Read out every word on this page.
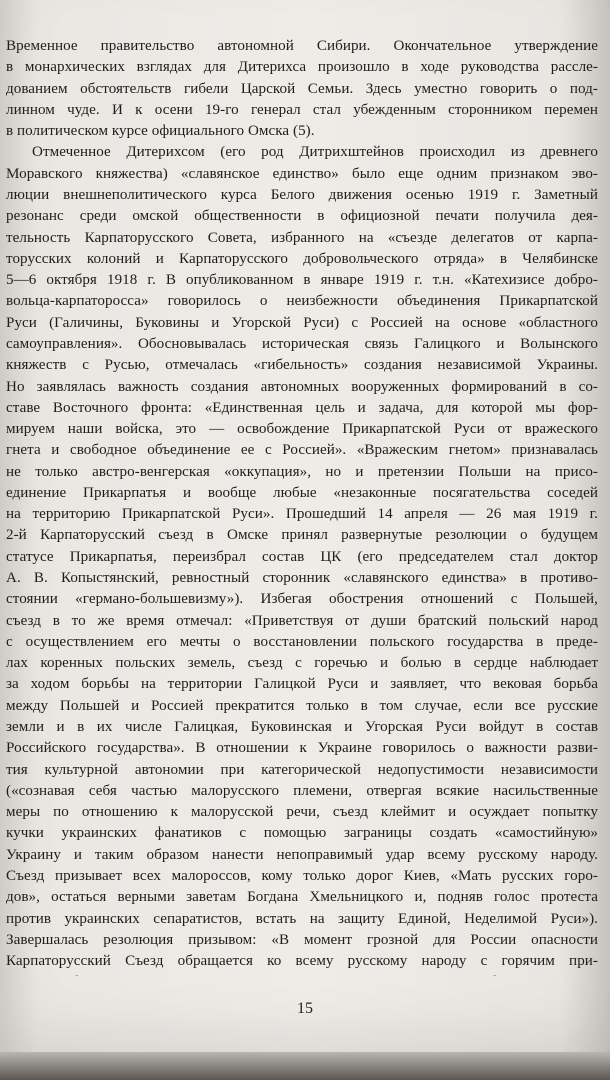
Временное правительство автономной Сибири. Окончательное утверждение
в монархических взглядах для Дитерихса произошло в ходе руководства рассле-
дованием обстоятельств гибели Царской Семьи. Здесь уместно говорить о под-
линном чуде. И к осени 19-го генерал стал убежденным сторонником перемен
в политическом курсе официального Омска (5).
Отмеченное Дитерихсом (его род Дитрихштейнов происходил из древнего
Моравского княжества) «славянское единство» было еще одним признаком эво-
люции внешнеполитического курса Белого движения осенью 1919 г. Заметный
резонанс среди омской общественности в официозной печати получила дея-
тельность Карпаторусского Совета, избранного на «съезде делегатов от карпа-
торусских колоний и Карпаторусского добровольческого отряда» в Челябинске
5—6 октября 1918 г. В опубликованном в январе 1919 г. т.н. «Катехизисе добро-
вольца-карпатоpосса» говорилось о неизбежности объединения Прикарпатской
Руси (Галичины, Буковины и Угорской Руси) с Россией на основе «областного
самоуправления». Обосновывалась историческая связь Галицкого и Волынского
княжеств с Русью, отмечалась «гибельность» создания независимой Украины.
Но заявлялась важность создания автономных вооруженных формирований в со-
ставе Восточного фронта: «Единственная цель и задача, для которой мы фор-
мируем наши войска, это — освобождение Прикарпатской Руси от вражеского
гнета и свободное объединение ее с Россией». «Вражеским гнетом» признавалась
не только австро-венгерская «оккупация», но и претензии Польши на присо-
единение Прикарпатья и вообще любые «незаконные посягательства соседей
на территорию Прикарпатской Руси». Прошедший 14 апреля — 26 мая 1919 г.
2-й Карпаторусский съезд в Омске принял развернутые резолюции о будущем
статусе Прикарпатья, переизбрал состав ЦК (его председателем стал доктор
А. В. Копыстянский, ревностный сторонник «славянского единства» в противо-
стоянии «германо-большевизму»). Избегая обострения отношений с Польшей,
съезд в то же время отмечал: «Приветствуя от души братский польский народ
с осуществлением его мечты о восстановлении польского государства в преде-
лах коренных польских земель, съезд с горечью и болью в сердце наблюдает
за ходом борьбы на территории Галицкой Руси и заявляет, что вековая борьба
между Польшей и Россией прекратится только в том случае, если все русские
земли и в их числе Галицкая, Буковинская и Угорская Руси войдут в состав
Российского государства». В отношении к Украине говорилось о важности разви-
тия культурной автономии при категорической недопустимости независимости
(«сознавая себя частью малорусского племени, отвергая всякие насильственные
меры по отношению к малорусской речи, съезд клеймит и осуждает попытку
кучки украинских фанатиков с помощью заграницы создать «самостийную»
Украину и таким образом нанести непоправимый удар всему русскому народу.
Съезд призывает всех малороссов, кому только дорог Киев, «Мать русских горо-
дов», остаться верными заветам Богдана Хмельницкого и, подняв голос протеста
против украинских сепаратистов, встать на защиту Единой, Неделимой Руси»).
Завершалась резолюция призывом: «В момент грозной для России опасности
Карпаторусский Съезд обращается ко всему русскому народу с горячим при-
15
